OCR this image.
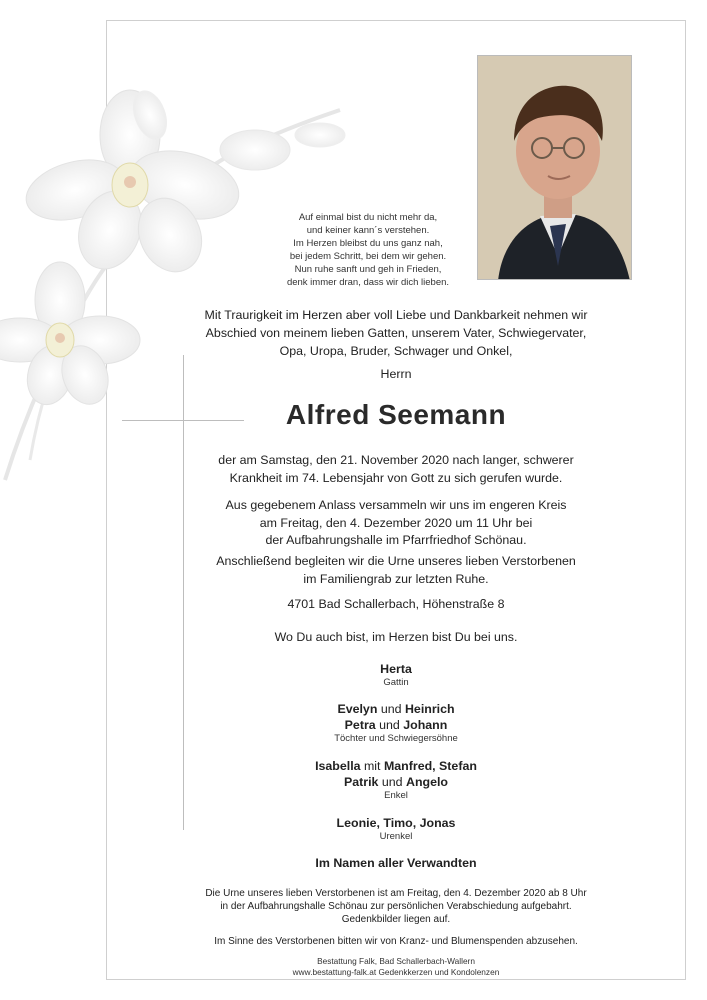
Auf einmal bist du nicht mehr da,
und keiner kann´s verstehen.
Im Herzen bleibst du uns ganz nah,
bei jedem Schritt, bei dem wir gehen.
Nun ruhe sanft und geh in Frieden,
denk immer dran, dass wir dich lieben.
Mit Traurigkeit im Herzen aber voll Liebe und Dankbarkeit nehmen wir
Abschied von meinem lieben Gatten, unserem Vater, Schwiegervater,
Opa, Uropa, Bruder, Schwager und Onkel,
Herrn
Alfred Seemann
der am Samstag, den 21. November 2020 nach langer, schwerer
Krankheit im 74. Lebensjahr von Gott zu sich gerufen wurde.
Aus gegebenem Anlass versammeln wir uns im engeren Kreis
am Freitag, den 4. Dezember 2020 um 11 Uhr bei
der Aufbahrungshalle im Pfarrfriedhof Schönau.
Anschließend begleiten wir die Urne unseres lieben Verstorbenen
im Familiengrab zur letzten Ruhe.
4701 Bad Schallerbach, Höhenstraße 8
Wo Du auch bist, im Herzen bist Du bei uns.
Herta
Gattin
Evelyn und Heinrich
Petra und Johann
Töchter und Schwiegersöhne
Isabella mit Manfred, Stefan
Patrik und Angelo
Enkel
Leonie, Timo, Jonas
Urenkel
Im Namen aller Verwandten
Die Urne unseres lieben Verstorbenen ist am Freitag, den 4. Dezember 2020 ab 8 Uhr
in der Aufbahrungshalle Schönau zur persönlichen Verabschiedung aufgebahrt.
Gedenkbilder liegen auf.
Im Sinne des Verstorbenen bitten wir von Kranz- und Blumenspenden abzusehen.
Bestattung Falk, Bad Schallerbach-Wallern
www.bestattung-falk.at Gedenkkerzen und Kondolenzen
